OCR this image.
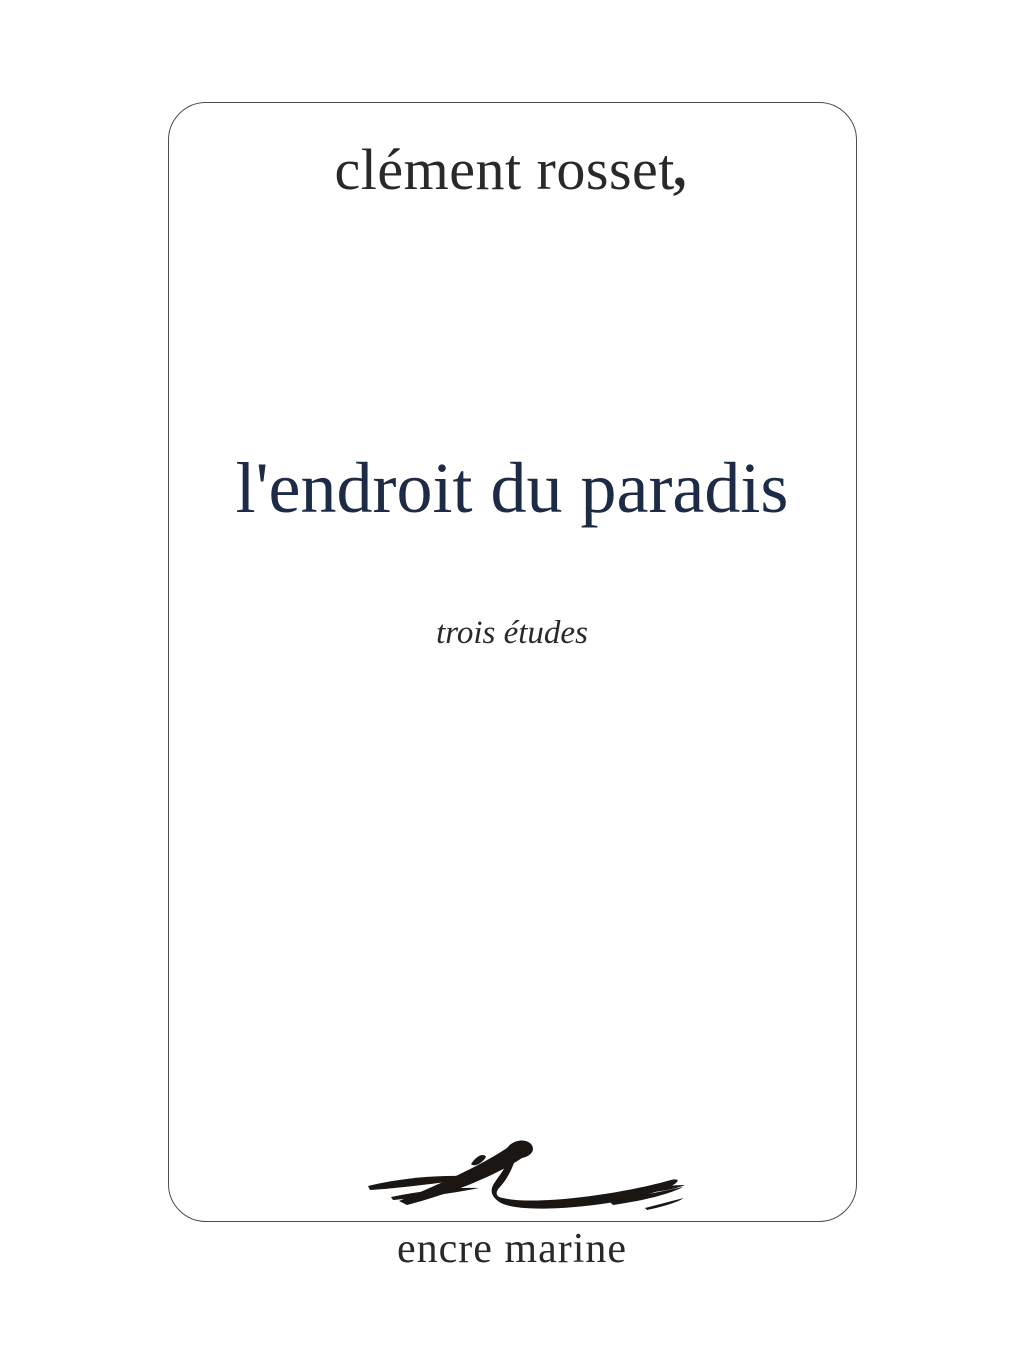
clément rosset,
l'endroit du paradis
trois études
encre marine
